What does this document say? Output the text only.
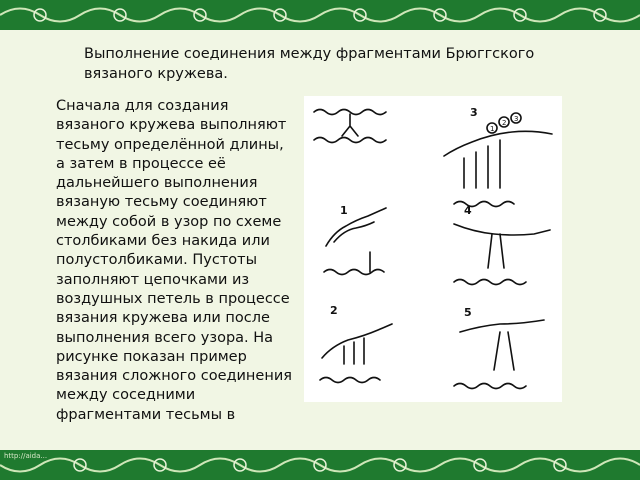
Выполнение соединения между фрагментами Брюггского вязаного кружева.
Сначала для создания вязаного кружева выполняют тесьму определённой длины, а затем в процессе её дальнейшего выполнения вязаную тесьму соединяют между собой в узор по схеме столбиками без накида или полустолбиками. Пустоты заполняют цепочками из воздушных петель в процессе вязания кружева или после выполнения всего узора. На рисунке показан пример вязания сложного соединения между соседними фрагментами тесьмы в
1
2
3
4
5
1
2 3
http://aida...
